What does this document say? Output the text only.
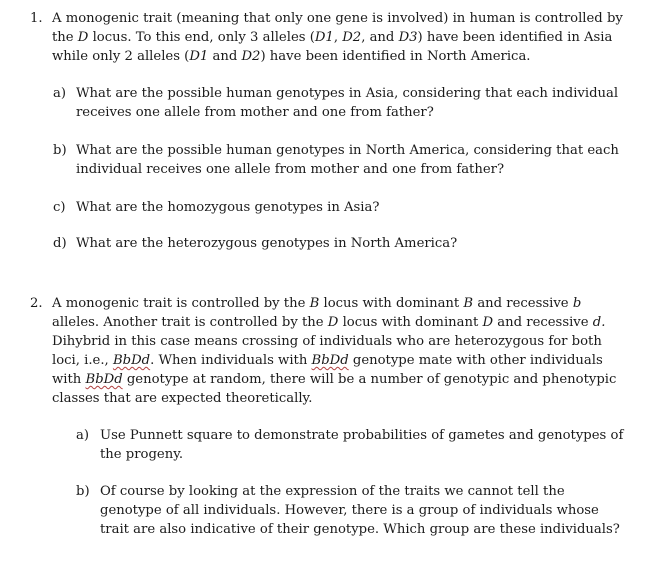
1. A monogenic trait (meaning that only one gene is involved) in human is controlled by the D locus. To this end, only 3 alleles (D1, D2, and D3) have been identified in Asia while only 2 alleles (D1 and D2) have been identified in North America.
a) What are the possible human genotypes in Asia, considering that each individual receives one allele from mother and one from father?
b) What are the possible human genotypes in North America, considering that each individual receives one allele from mother and one from father?
c) What are the homozygous genotypes in Asia?
d) What are the heterozygous genotypes in North America?
2. A monogenic trait is controlled by the B locus with dominant B and recessive b alleles. Another trait is controlled by the D locus with dominant D and recessive d. Dihybrid in this case means crossing of individuals who are heterozygous for both loci, i.e., BbDd. When individuals with BbDd genotype mate with other individuals with BbDd genotype at random, there will be a number of genotypic and phenotypic classes that are expected theoretically.
a) Use Punnett square to demonstrate probabilities of gametes and genotypes of the progeny.
b) Of course by looking at the expression of the traits we cannot tell the genotype of all individuals. However, there is a group of individuals whose trait are also indicative of their genotype. Which group are these individuals?
